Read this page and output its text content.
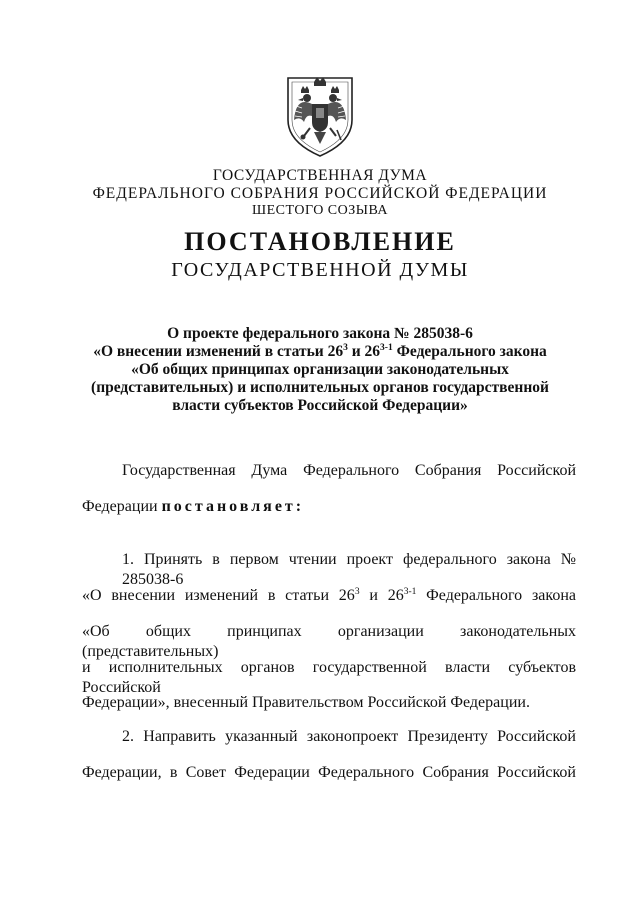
ГОСУДАРСТВЕННАЯ ДУМА
ФЕДЕРАЛЬНОГО СОБРАНИЯ РОССИЙСКОЙ ФЕДЕРАЦИИ
ШЕСТОГО СОЗЫВА
ПОСТАНОВЛЕНИЕ
ГОСУДАРСТВЕННОЙ ДУМЫ
О проекте федерального закона № 285038-6
«О внесении изменений в статьи $26^3$ и 26$^{3-1}$ Федерального закона
«Об общих принципах организации законодательных
(представительных) и исполнительных органов государственной
власти субъектов Российской Федерации»
Государственная Дума Федерального Собрания Российской
Федерации постановляет:
1. Принять в первом чтении проект федерального закона № 285038-6
«О внесении изменений в статьи $26^3$ и 26$^{3-1}$ Федерального закона
«Об общих принципах организации законодательных (представительных)
и исполнительных органов государственной власти субъектов Российской
Федерации», внесенный Правительством Российской Федерации.
2. Направить указанный законопроект Президенту Российской
Федерации, в Совет Федерации Федерального Собрания Российской
